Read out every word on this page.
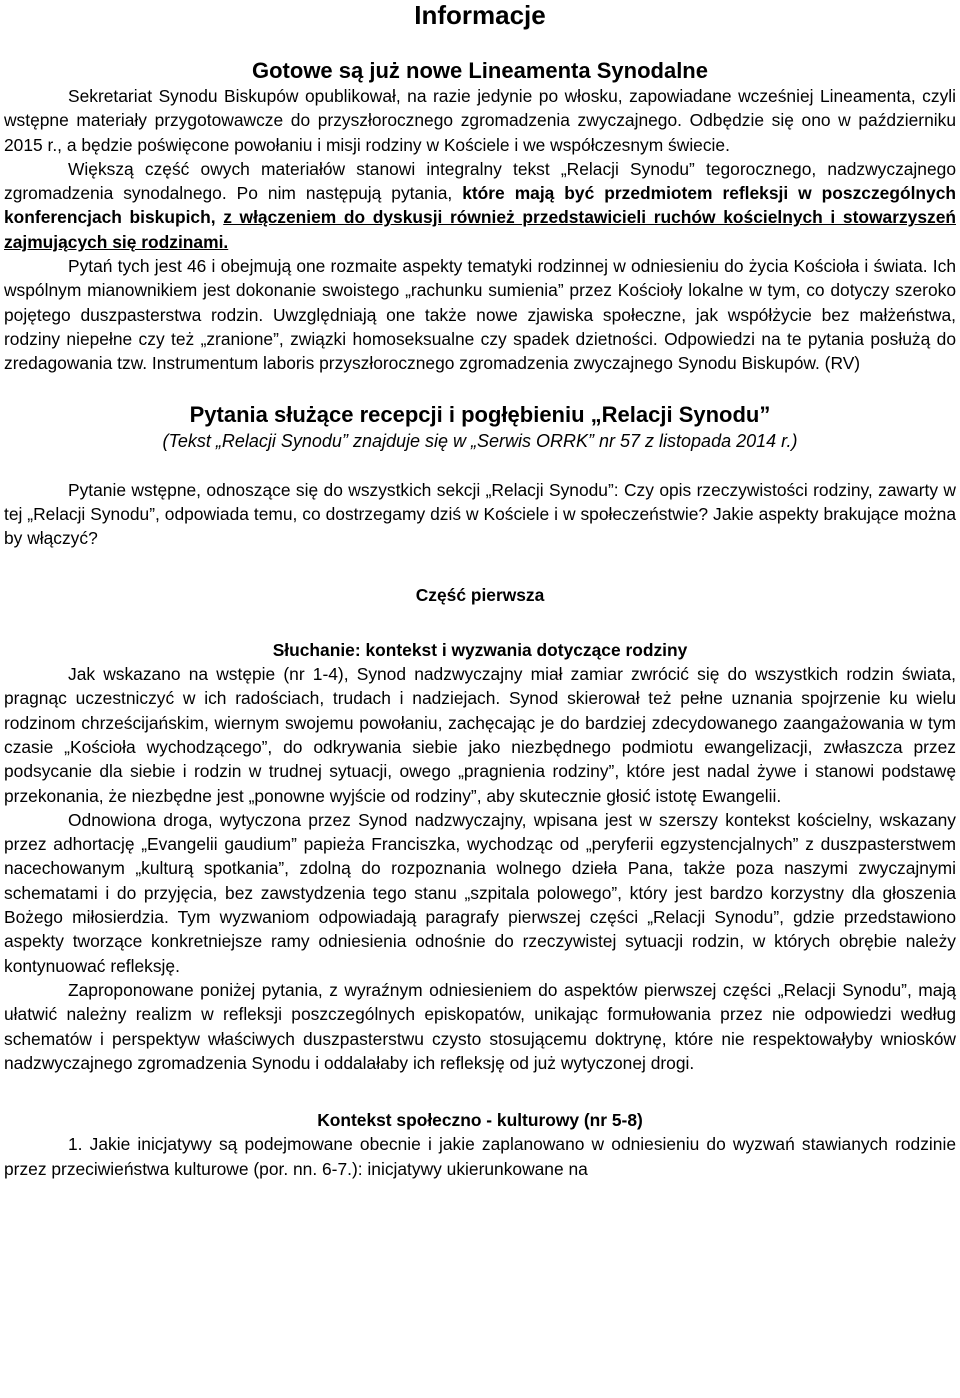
Informacje
Gotowe są już nowe Lineamenta Synodalne

Sekretariat Synodu Biskupów opublikował, na razie jedynie po włosku, zapowiadane wcześniej Lineamenta, czyli wstępne materiały przygotowawcze do przyszłorocznego zgromadzenia zwyczajnego. Odbędzie się ono w październiku 2015 r., a będzie poświęcone powołaniu i misji rodziny w Kościele i we współczesnym świecie.

Większą część owych materiałów stanowi integralny tekst „Relacji Synodu” tegorocznego, nadzwyczajnego zgromadzenia synodalnego. Po nim następują pytania, które mają być przedmiotem refleksji w poszczególnych konferencjach biskupich, z włączeniem do dyskusji również przedstawicieli ruchów kościelnych i stowarzyszeń zajmujących się rodzinami.

Pytań tych jest 46 i obejmują one rozmaite aspekty tematyki rodzinnej w odniesieniu do życia Kościoła i świata. Ich wspólnym mianownikiem jest dokonanie swoistego „rachunku sumienia” przez Kościoły lokalne w tym, co dotyczy szeroko pojętego duszpasterstwa rodzin. Uwzględniają one także nowe zjawiska społeczne, jak współżycie bez małżeństwa, rodziny niepełne czy też „zranione”, związki homoseksualne czy spadek dzietności. Odpowiedzi na te pytania posłużą do zredagowania tzw. Instrumentum laboris przyszłorocznego zgromadzenia zwyczajnego Synodu Biskupów. (RV)

Pytania służące recepcji i pogłębieniu „Relacji Synodu”
(Tekst „Relacji Synodu” znajduje się w „Serwis ORRK” nr 57 z listopada 2014 r.)

Pytanie wstępne, odnoszące się do wszystkich sekcji „Relacji Synodu”: Czy opis rzeczywistości rodziny, zawarty w tej „Relacji Synodu”, odpowiada temu, co dostrzegamy dziś w Kościele i w społeczeństwie? Jakie aspekty brakujące można by włączyć?

Część pierwsza

Słuchanie: kontekst i wyzwania dotyczące rodziny

Jak wskazano na wstępie (nr 1-4), Synod nadzwyczajny miał zamiar zwrócić się do wszystkich rodzin świata, pragnąc uczestniczyć w ich radościach, trudach i nadziejach. Synod skierował też pełne uznania spojrzenie ku wielu rodzinom chrześcijańskim, wiernym swojemu powołaniu, zachęcając je do bardziej zdecydowanego zaangażowania w tym czasie „Kościoła wychodzącego”, do odkrywania siebie jako niezbędnego podmiotu ewangelizacji, zwłaszcza przez podsycanie dla siebie i rodzin w trudnej sytuacji, owego „pragnienia rodziny”, które jest nadal żywe i stanowi podstawę przekonania, że niezbędne jest „ponowne wyjście od rodziny”, aby skutecznie głosić istotę Ewangelii.

Odnowiona droga, wytyczona przez Synod nadzwyczajny, wpisana jest w szerszy kontekst kościelny, wskazany przez adhortację „Evangelii gaudium” papieża Franciszka, wychodząc od „peryferii egzystencjalnych” z duszpasterstwem nacechowanym „kulturą spotkania”, zdolną do rozpoznania wolnego dzieła Pana, także poza naszymi zwyczajnymi schematami i do przyjęcia, bez zawstydzenia tego stanu „szpitala polowego”, który jest bardzo korzystny dla głoszenia Bożego miłosierdzia. Tym wyzwaniom odpowiadają paragrafy pierwszej części „Relacji Synodu”, gdzie przedstawiono aspekty tworzące konkretniejsze ramy odniesienia odnośnie do rzeczywistej sytuacji rodzin, w których obrębie należy kontynuować refleksję.

Zaproponowane poniżej pytania, z wyraźnym odniesieniem do aspektów pierwszej części „Relacji Synodu”, mają ułatwić należny realizm w refleksji poszczególnych episkopatów, unikając formułowania przez nie odpowiedzi według schematów i perspektyw właściwych duszpasterstwu czysto stosującemu doktrynę, które nie respektowałyby wniosków nadzwyczajnego zgromadzenia Synodu i oddalałaby ich refleksję od już wytyczonej drogi.

Kontekst społeczno - kulturowy (nr 5-8)

1. Jakie inicjatywy są podejmowane obecnie i jakie zaplanowano w odniesieniu do wyzwań stawianych rodzinie przez przeciwieństwa kulturowe (por. nn. 6-7.): inicjatywy ukierunkowane na
